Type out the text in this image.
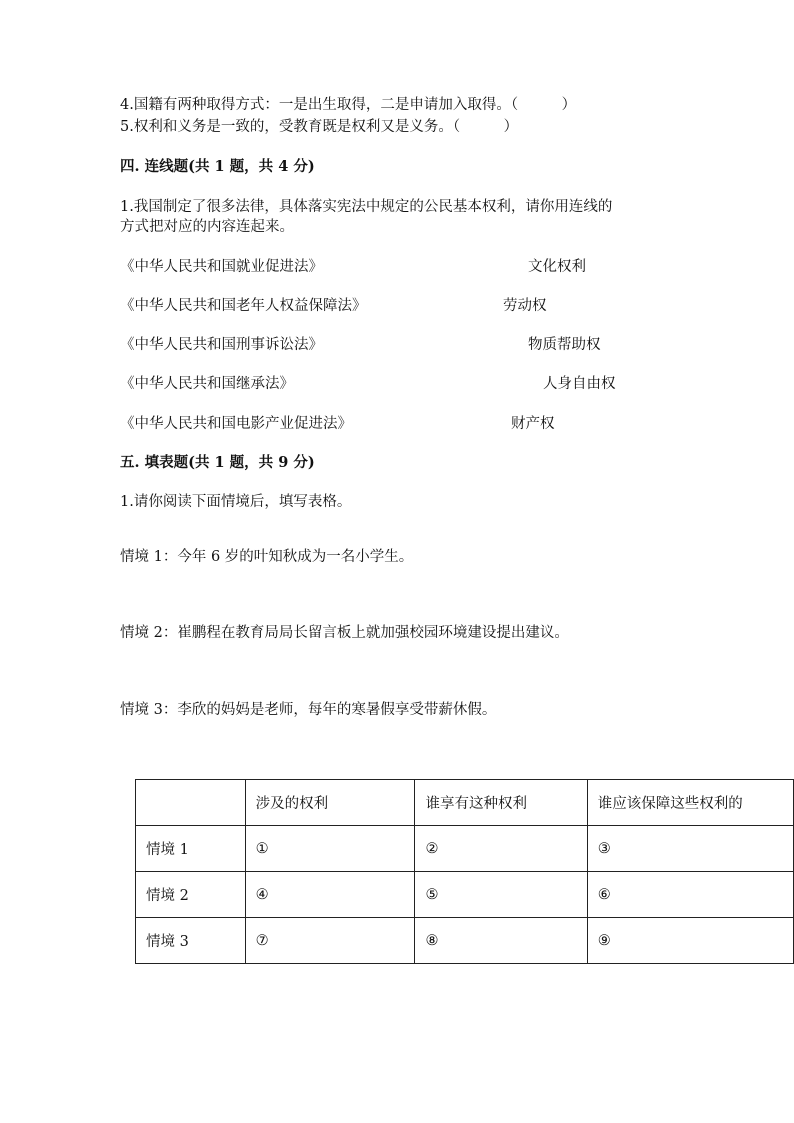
4.国籍有两种取得方式：一是出生取得，二是申请加入取得。（　　　）
5.权利和义务是一致的，受教育既是权利又是义务。（　　　）
四. 连线题(共 1 题，共 4 分)
1.我国制定了很多法律，具体落实宪法中规定的公民基本权利，请你用连线的
方式把对应的内容连起来。
《中华人民共和国就业促进法》
《中华人民共和国老年人权益保障法》
《中华人民共和国刑事诉讼法》
《中华人民共和国继承法》
《中华人民共和国电影产业促进法》
文化权利
劳动权
物质帮助权
人身自由权
财产权
五. 填表题(共 1 题，共 9 分)
1.请你阅读下面情境后，填写表格。
情境 1：今年 6 岁的叶知秋成为一名小学生。
情境 2：崔鹏程在教育局局长留言板上就加强校园环境建设提出建议。
情境 3：李欣的妈妈是老师，每年的寒暑假享受带薪休假。
	涉及的权利	谁享有这种权利	谁应该保障这些权利的
情境 1	①	②	③
情境 2	④	⑤	⑥
情境 3	⑦	⑧	⑨
